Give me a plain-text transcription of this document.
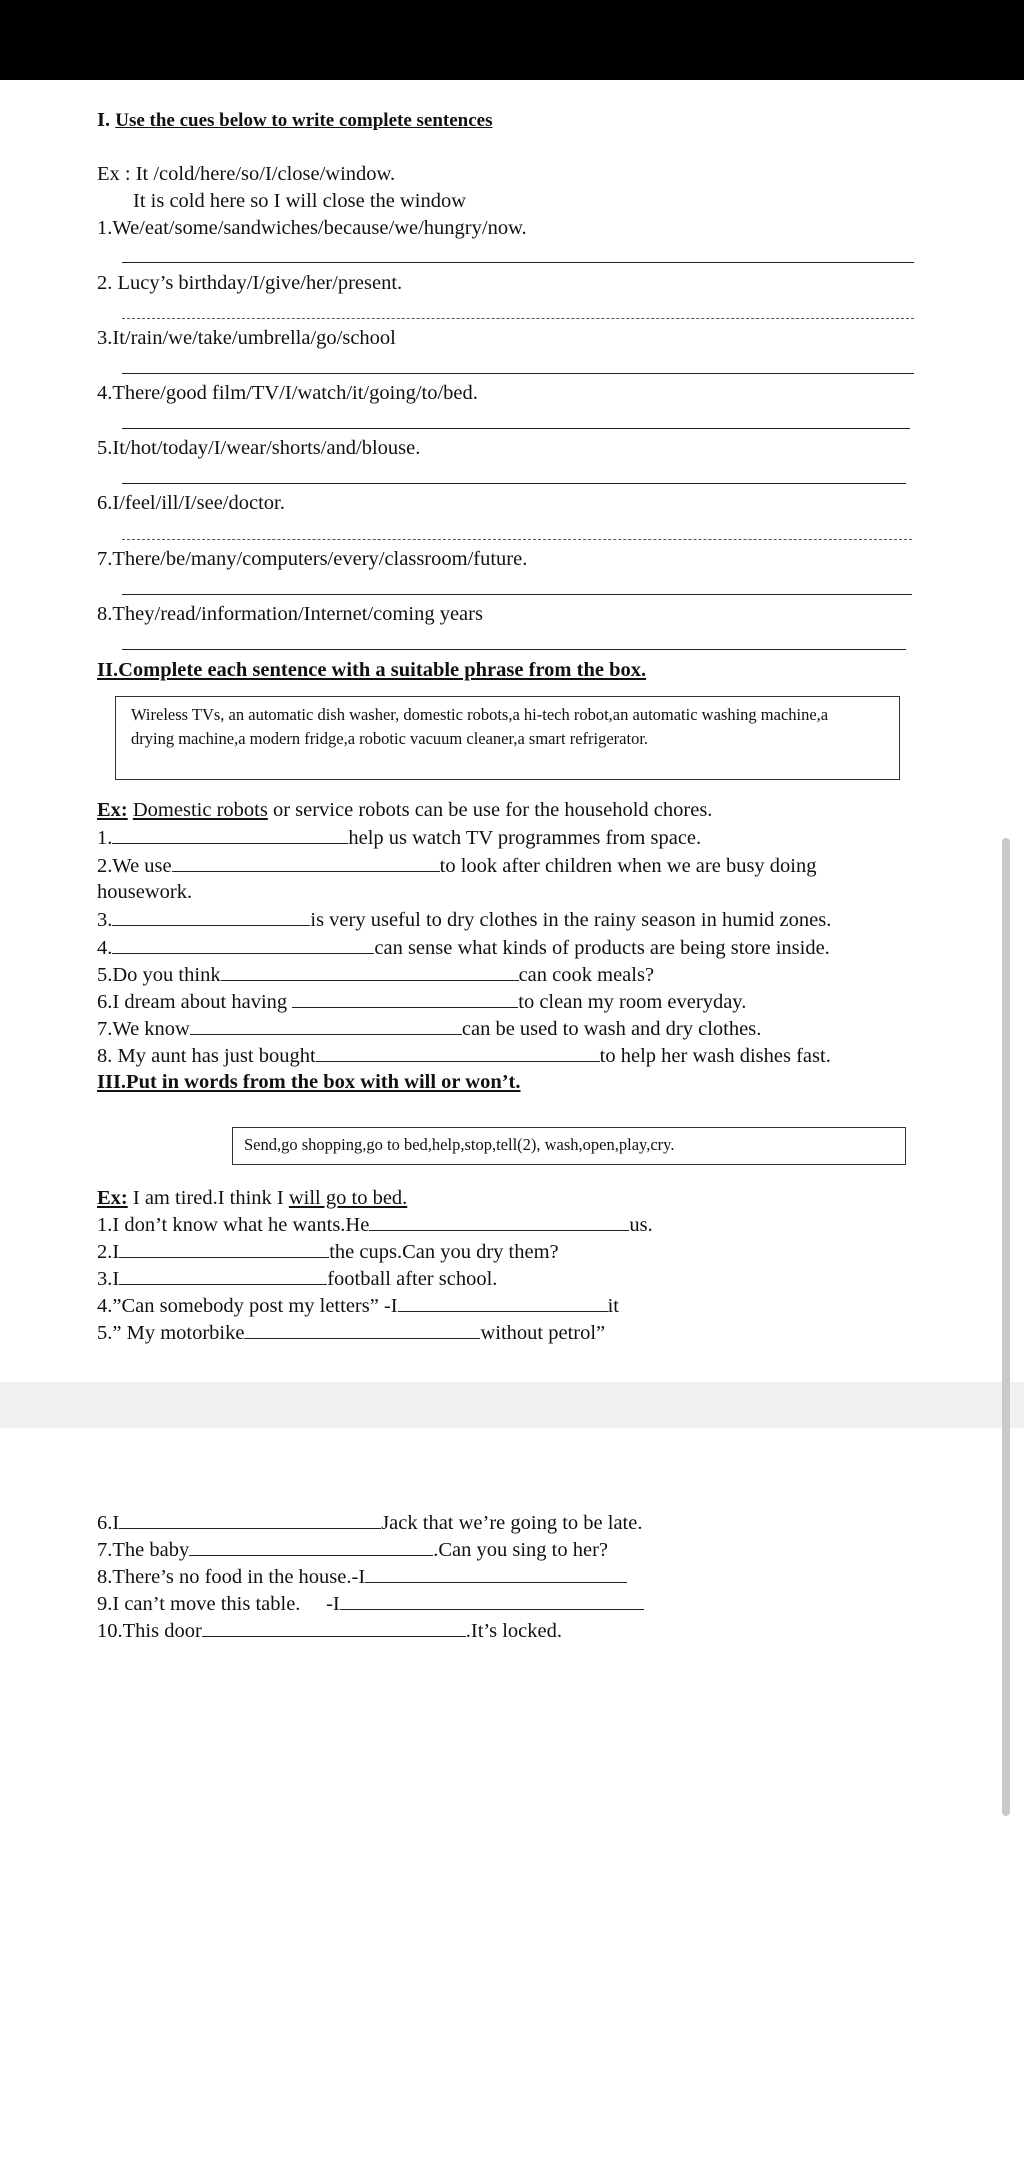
I. Use the cues below to write complete sentences
Ex : It /cold/here/so/I/close/window.
It is cold here so I will close the window
1.We/eat/some/sandwiches/because/we/hungry/now.
2. Lucy’s birthday/I/give/her/present.
3.It/rain/we/take/umbrella/go/school
4.There/good film/TV/I/watch/it/going/to/bed.
5.It/hot/today/I/wear/shorts/and/blouse.
6.I/feel/ill/I/see/doctor.
7.There/be/many/computers/every/classroom/future.
8.They/read/information/Internet/coming years
II.Complete each sentence with a suitable phrase from the box.
Wireless TVs, an automatic dish washer, domestic robots,a hi-tech robot,an automatic washing machine,a drying machine,a modern fridge,a robotic vacuum cleaner,a smart refrigerator.
Ex: Domestic robots or service robots can be use for the household chores.
1.	help us watch TV programmes from space.
2.We use	to look after children when we are busy doing
housework.
3.	is very useful to dry clothes in the rainy season in humid zones.
4.	can sense what kinds of products are being store inside.
5.Do you think	can cook meals?
6.I dream about having	to clean my room everyday.
7.We know	can be used to wash and dry clothes.
8. My aunt has just bought	to help her wash dishes fast.
III.Put in words from the box with will or won’t.
Send,go shopping,go to bed,help,stop,tell(2), wash,open,play,cry.
Ex: I am tired.I think I will go to bed.
1.I don’t know what he wants.He	us.
2.I	the cups.Can you dry them?
3.I	football after school.
4.”Can somebody post my letters” -I	it
5.” My motorbike	without petrol”
6.I	Jack that we’re going to be late.
7.The baby	.Can you sing to her?
8.There’s no food in the house.-I
9.I can’t move this table. -I
10.This door	.It’s locked.
